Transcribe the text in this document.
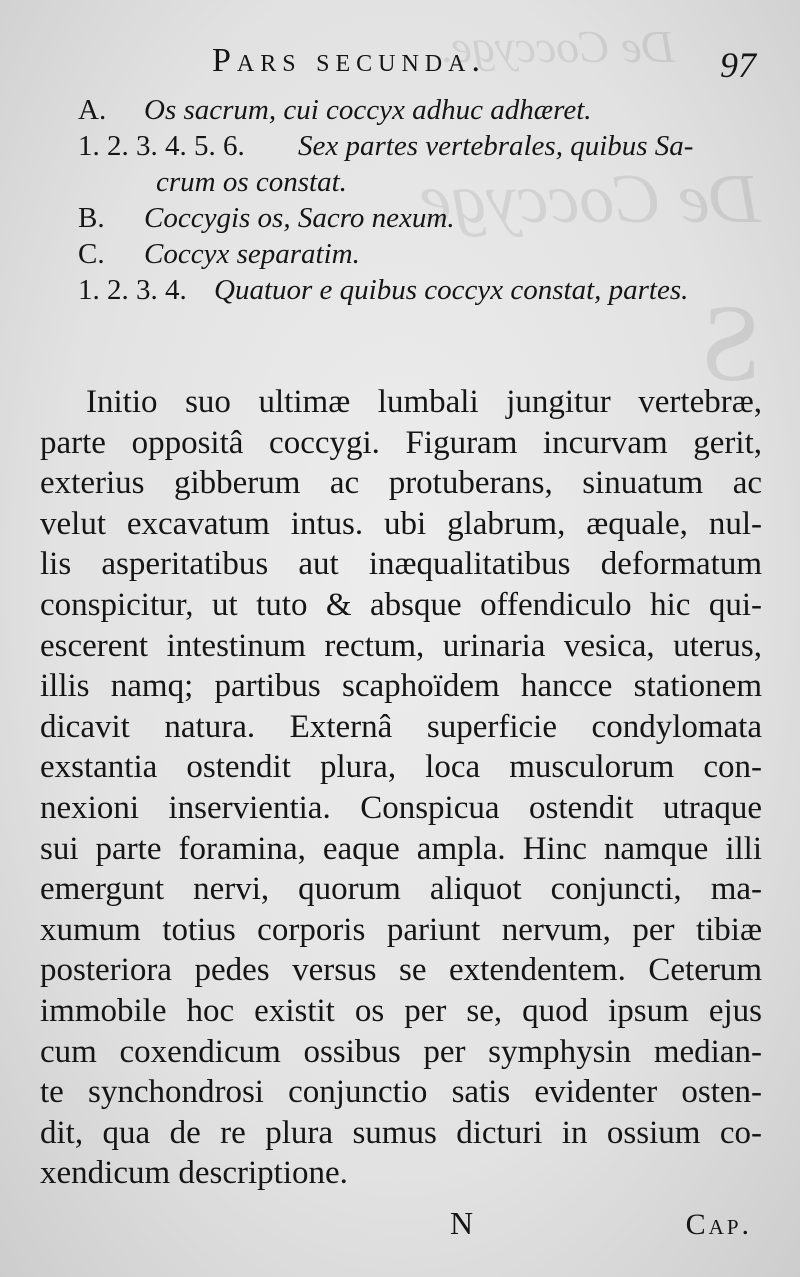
De Coccyge.
De Coccyge
S
Pars secunda.	97
A.	Os sacrum, cui coccyx adhuc adhæret.
1. 2. 3. 4. 5. 6.	Sex partes vertebrales, quibus Sa-
crum os constat.
B.	Coccygis os, Sacro nexum.
C.	Coccyx separatim.
1. 2. 3. 4. Quatuor e quibus coccyx constat, partes.
Initio suo ultimæ lumbali jungitur vertebræ,
parte oppositâ coccygi. Figuram incurvam gerit,
exterius gibberum ac protuberans, sinuatum ac
velut excavatum intus. ubi glabrum, æquale, nul-
lis asperitatibus aut inæqualitatibus deformatum
conspicitur, ut tuto & absque offendiculo hic qui-
escerent intestinum rectum, urinaria vesica, uterus,
illis namq; partibus scaphoïdem hancce stationem
dicavit natura. Externâ superficie condylomata
exstantia ostendit plura, loca musculorum con-
nexioni inservientia. Conspicua ostendit utraque
sui parte foramina, eaque ampla. Hinc namque illi
emergunt nervi, quorum aliquot conjuncti, ma-
xumum totius corporis pariunt nervum, per tibiæ
posteriora pedes versus se extendentem. Ceterum
immobile hoc existit os per se, quod ipsum ejus
cum coxendicum ossibus per symphysin median-
te synchondrosi conjunctio satis evidenter osten-
dit, qua de re plura sumus dicturi in ossium co-
xendicum descriptione.
N	Cap.
